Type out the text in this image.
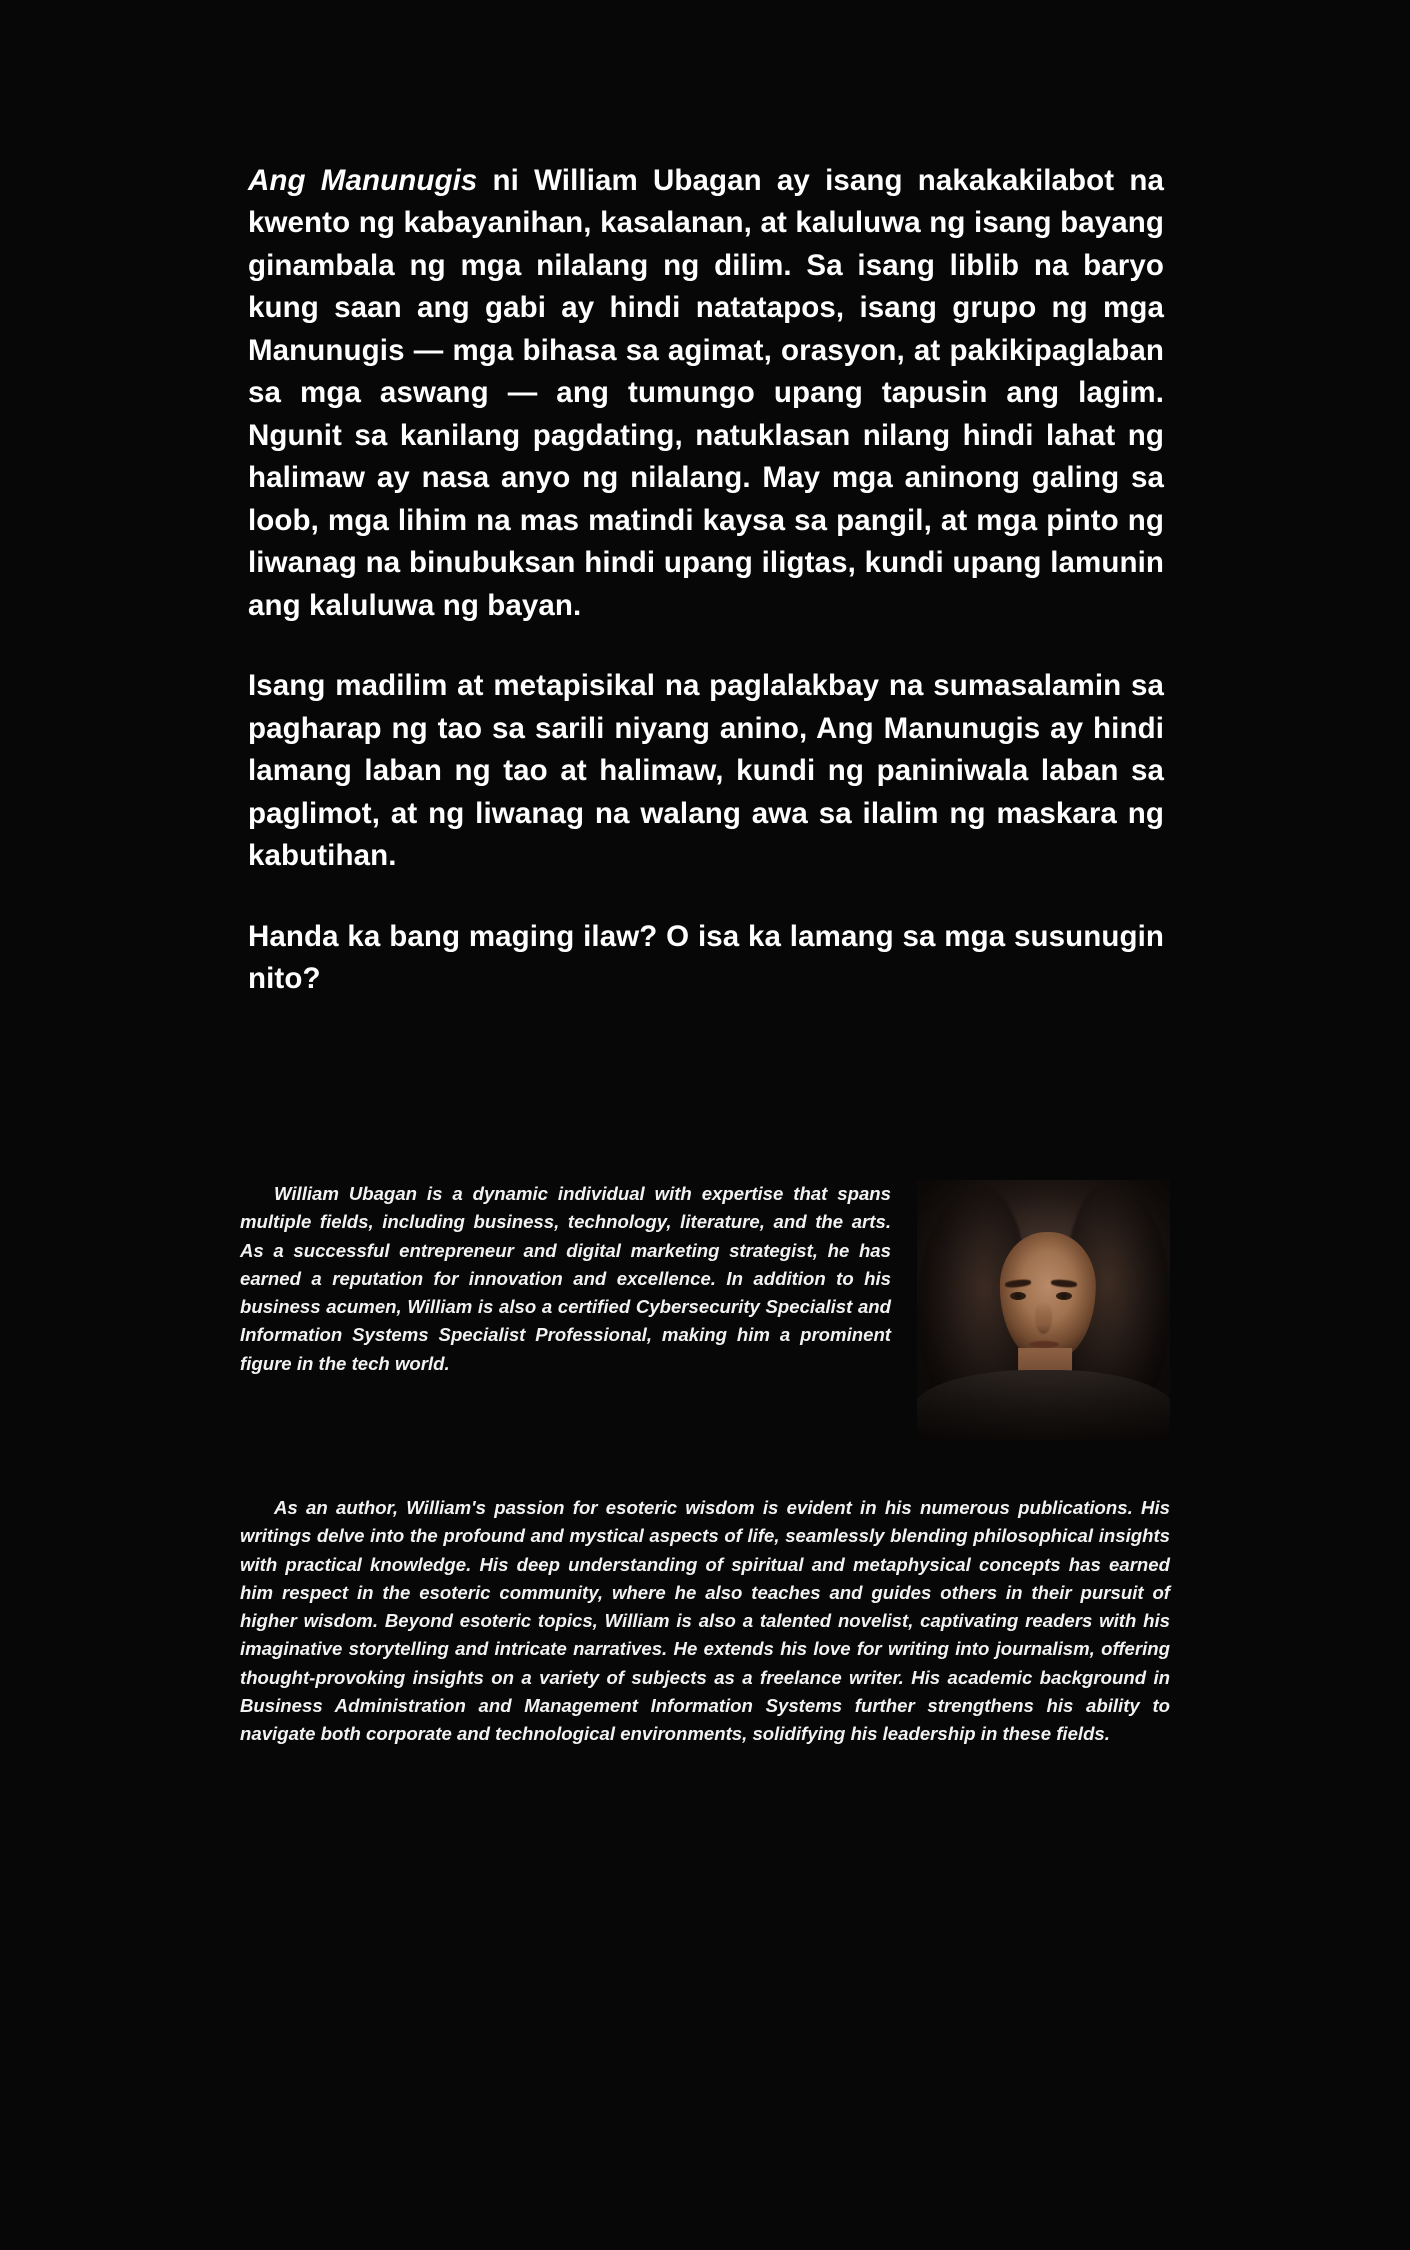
Ang Manunugis ni William Ubagan ay isang nakakakilabot na kwento ng kabayanihan, kasalanan, at kaluluwa ng isang bayang ginambala ng mga nilalang ng dilim. Sa isang liblib na baryo kung saan ang gabi ay hindi natatapos, isang grupo ng mga Manunugis — mga bihasa sa agimat, orasyon, at pakikipaglaban sa mga aswang — ang tumungo upang tapusin ang lagim. Ngunit sa kanilang pagdating, natuklasan nilang hindi lahat ng halimaw ay nasa anyo ng nilalang. May mga aninong galing sa loob, mga lihim na mas matindi kaysa sa pangil, at mga pinto ng liwanag na binubuksan hindi upang iligtas, kundi upang lamunin ang kaluluwa ng bayan.

Isang madilim at metapisikal na paglalakbay na sumasalamin sa pagharap ng tao sa sarili niyang anino, Ang Manunugis ay hindi lamang laban ng tao at halimaw, kundi ng paniniwala laban sa paglimot, at ng liwanag na walang awa sa ilalim ng maskara ng kabutihan.

Handa ka bang maging ilaw? O isa ka lamang sa mga susunugin nito?

William Ubagan is a dynamic individual with expertise that spans multiple fields, including business, technology, literature, and the arts. As a successful entrepreneur and digital marketing strategist, he has earned a reputation for innovation and excellence. In addition to his business acumen, William is also a certified Cybersecurity Specialist and Information Systems Specialist Professional, making him a prominent figure in the tech world.

As an author, William's passion for esoteric wisdom is evident in his numerous publications. His writings delve into the profound and mystical aspects of life, seamlessly blending philosophical insights with practical knowledge. His deep understanding of spiritual and metaphysical concepts has earned him respect in the esoteric community, where he also teaches and guides others in their pursuit of higher wisdom. Beyond esoteric topics, William is also a talented novelist, captivating readers with his imaginative storytelling and intricate narratives. He extends his love for writing into journalism, offering thought-provoking insights on a variety of subjects as a freelance writer. His academic background in Business Administration and Management Information Systems further strengthens his ability to navigate both corporate and technological environments, solidifying his leadership in these fields.
